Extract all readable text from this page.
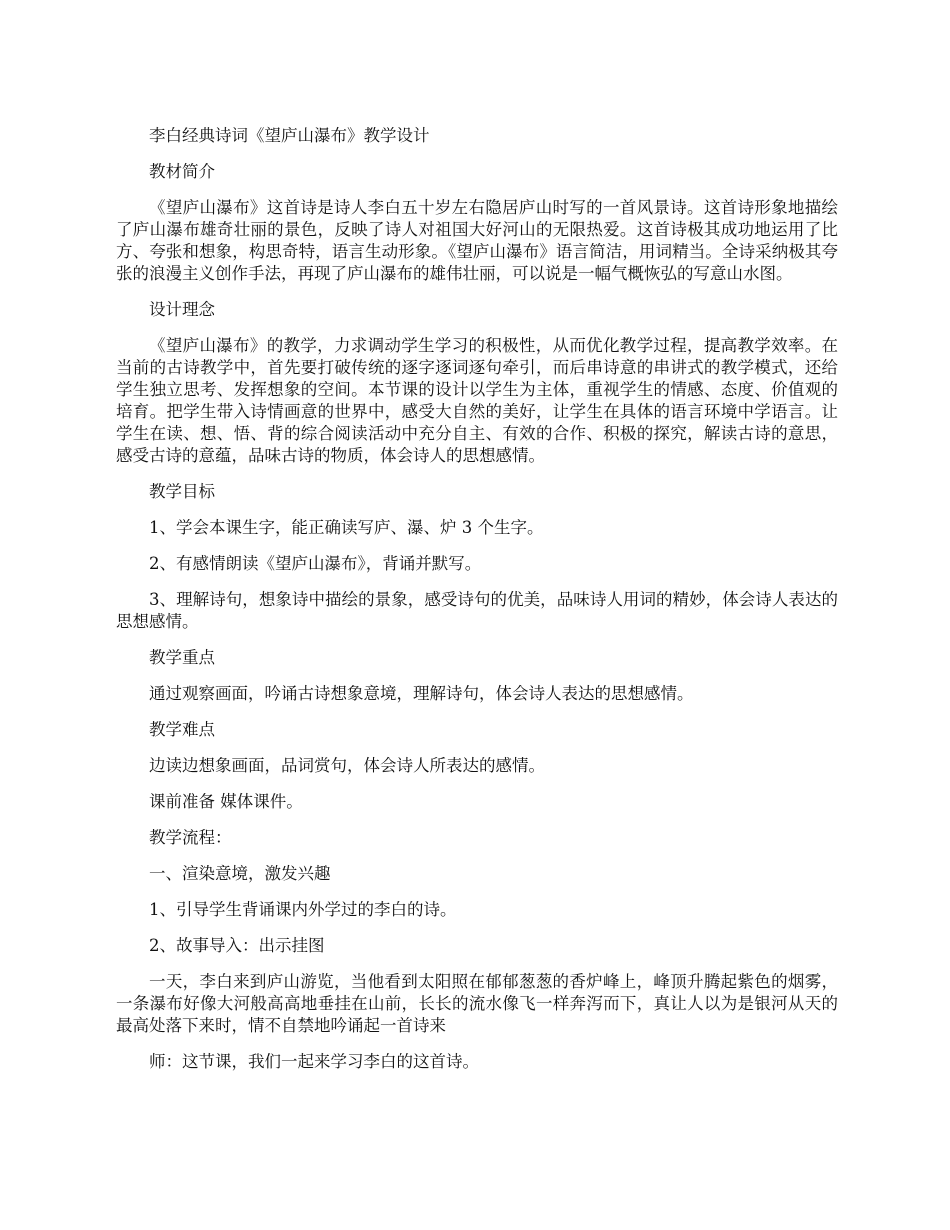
李白经典诗词《望庐山瀑布》教学设计

教材简介

《望庐山瀑布》这首诗是诗人李白五十岁左右隐居庐山时写的一首风景诗。这首诗形象地描绘了庐山瀑布雄奇壮丽的景色，反映了诗人对祖国大好河山的无限热爱。这首诗极其成功地运用了比方、夸张和想象，构思奇特，语言生动形象。《望庐山瀑布》语言简洁，用词精当。全诗采纳极其夸张的浪漫主义创作手法，再现了庐山瀑布的雄伟壮丽，可以说是一幅气概恢弘的写意山水图。

设计理念

《望庐山瀑布》的教学，力求调动学生学习的积极性，从而优化教学过程，提高教学效率。在当前的古诗教学中，首先要打破传统的逐字逐词逐句牵引，而后串诗意的串讲式的教学模式，还给学生独立思考、发挥想象的空间。本节课的设计以学生为主体，重视学生的情感、态度、价值观的培育。把学生带入诗情画意的世界中，感受大自然的美好，让学生在具体的语言环境中学语言。让学生在读、想、悟、背的综合阅读活动中充分自主、有效的合作、积极的探究，解读古诗的意思，感受古诗的意蕴，品味古诗的物质，体会诗人的思想感情。

教学目标

1、学会本课生字，能正确读写庐、瀑、炉 3 个生字。

2、有感情朗读《望庐山瀑布》，背诵并默写。

3、理解诗句，想象诗中描绘的景象，感受诗句的优美，品味诗人用词的精妙，体会诗人表达的思想感情。

教学重点

通过观察画面，吟诵古诗想象意境，理解诗句，体会诗人表达的思想感情。

教学难点

边读边想象画面，品词赏句，体会诗人所表达的感情。

课前准备 媒体课件。

教学流程：

一、渲染意境，激发兴趣

1、引导学生背诵课内外学过的李白的诗。

2、故事导入：出示挂图

一天，李白来到庐山游览，当他看到太阳照在郁郁葱葱的香炉峰上，峰顶升腾起紫色的烟雾，一条瀑布好像大河般高高地垂挂在山前，长长的流水像飞一样奔泻而下，真让人以为是银河从天的最高处落下来时，情不自禁地吟诵起一首诗来

师：这节课，我们一起来学习李白的这首诗。
